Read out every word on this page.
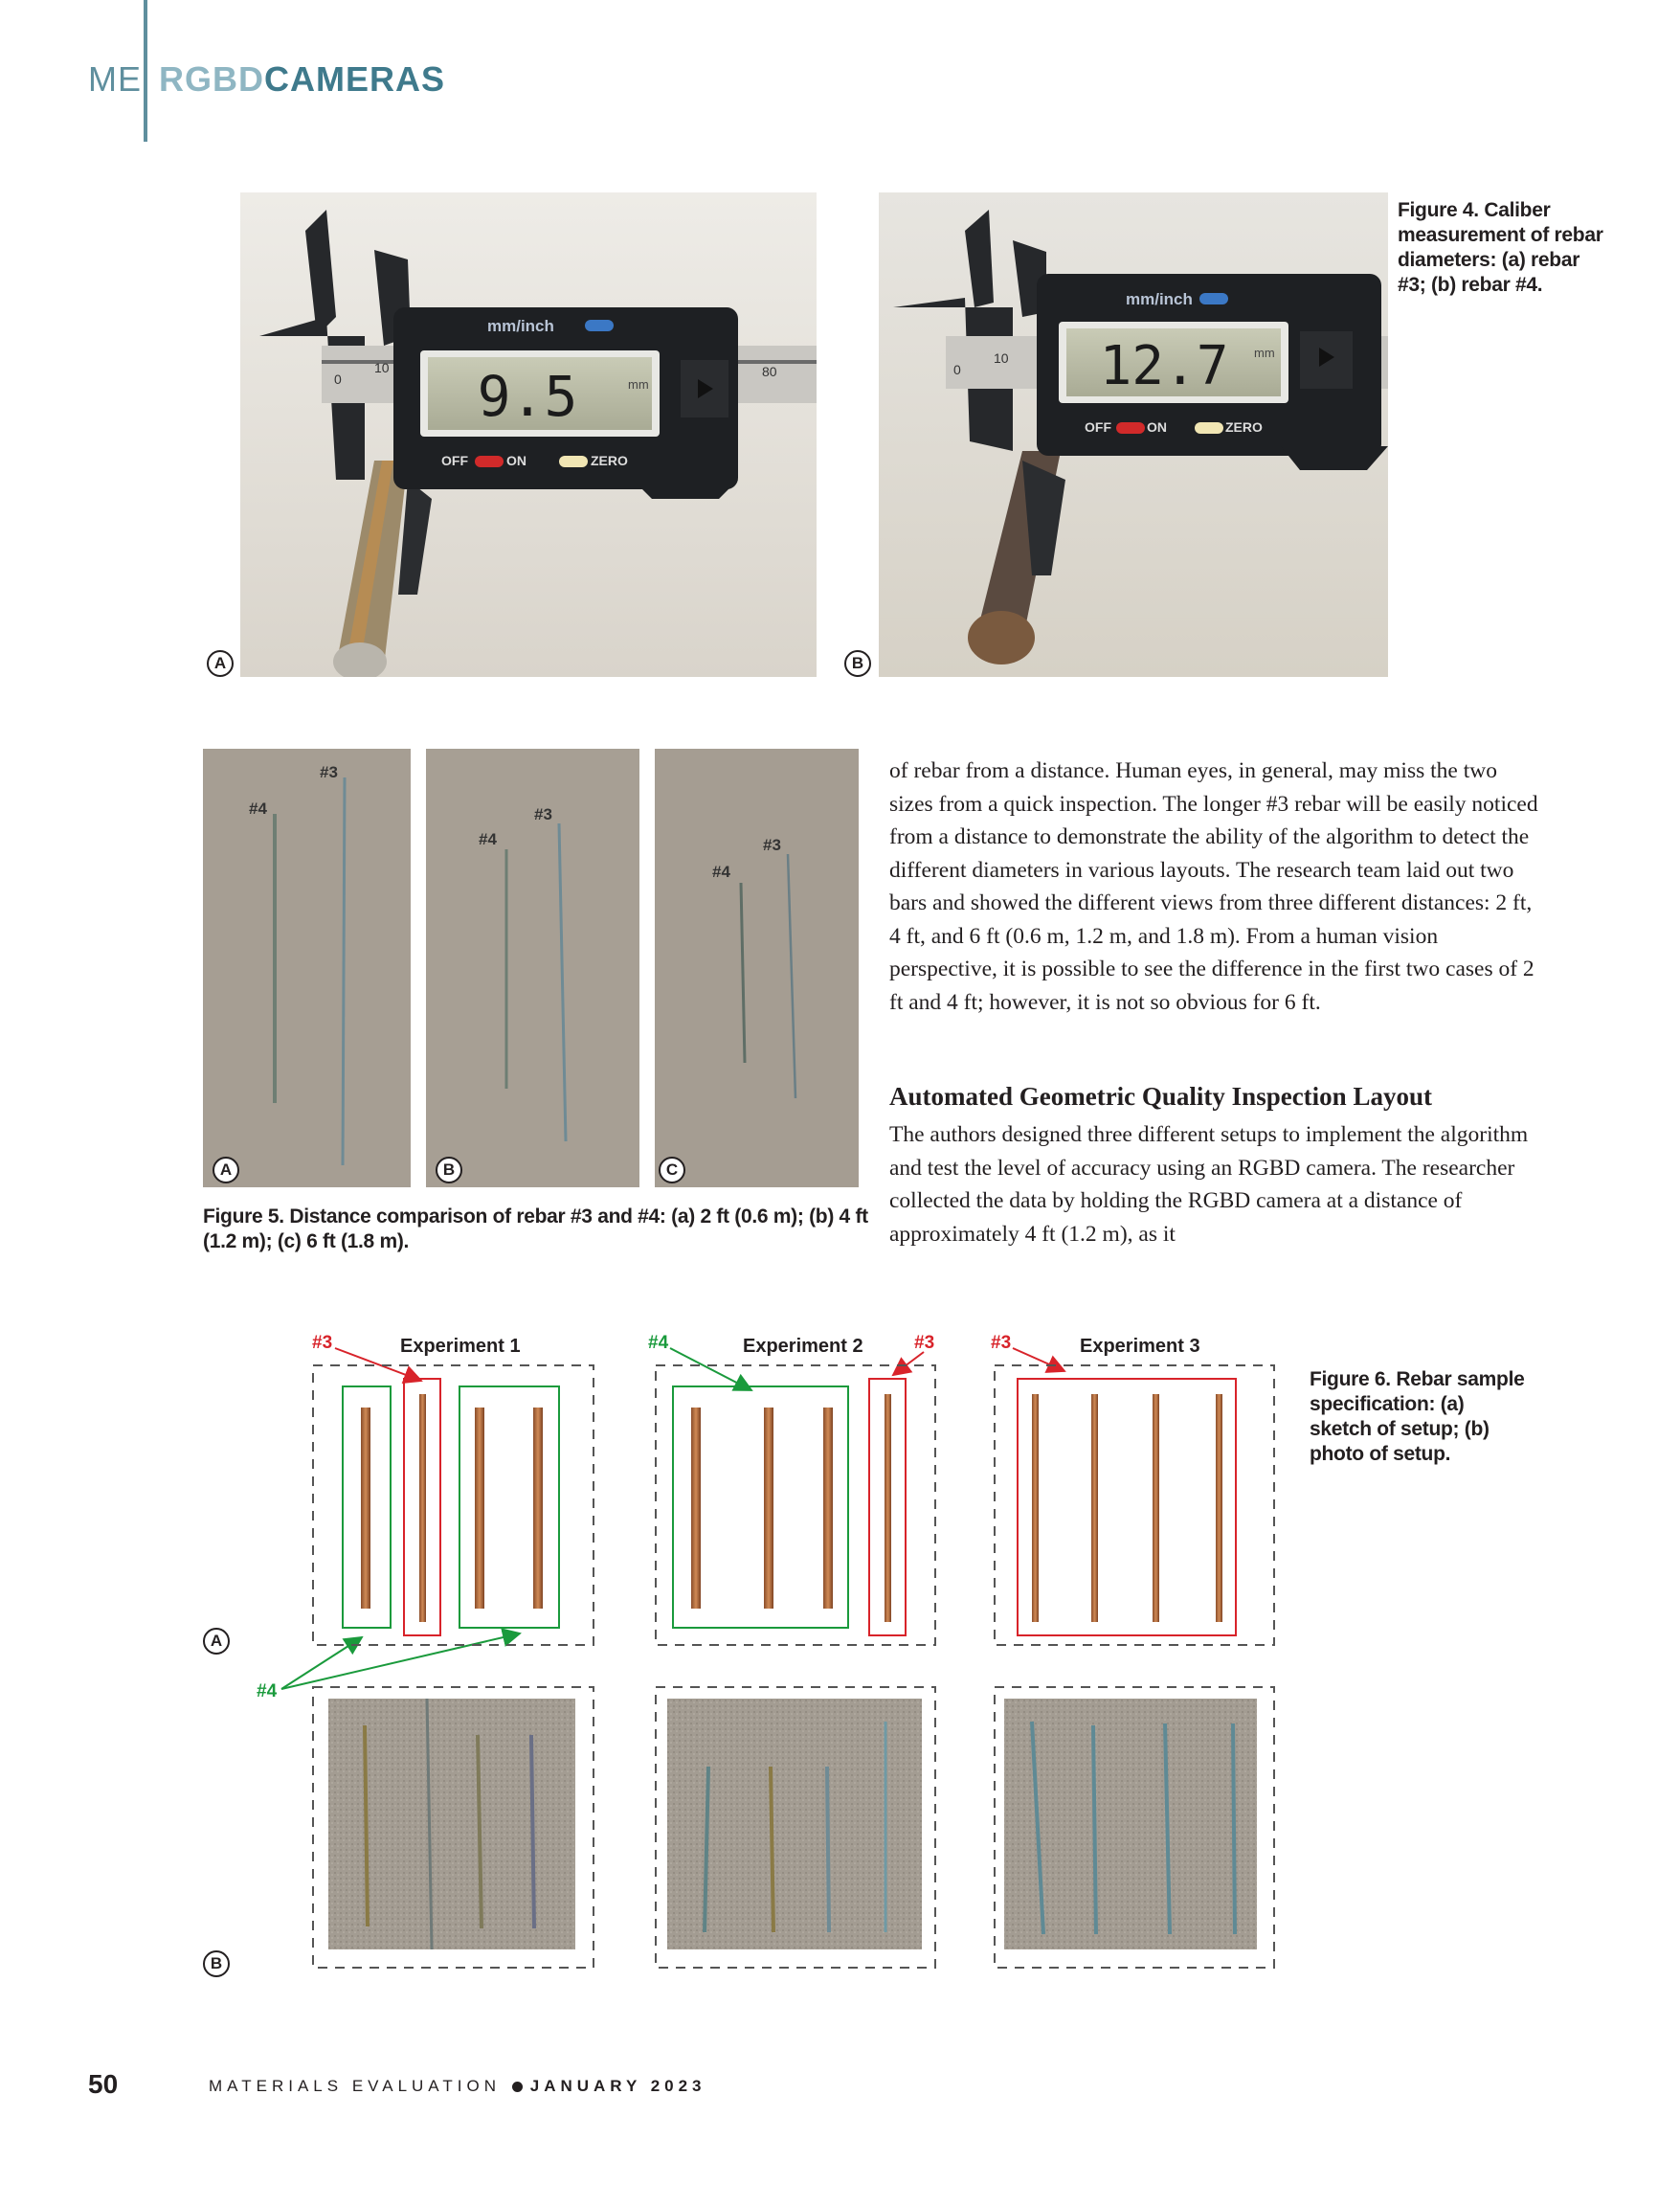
ME RGBDCAMERAS
mm/inch
9.5	mm
OFF	ON	ZERO
0
10	80
A
mm/inch
12.7 mm
OFF	ON	ZERO
0
10
B
Figure 4. Caliber measurement of rebar diameters: (a) rebar #3; (b) rebar #4.
#4
#3
A
#4
#3
B
#4
#3
C
Figure 5. Distance comparison of rebar #3 and #4: (a) 2 ft (0.6 m); (b) 4 ft (1.2 m); (c) 6 ft (1.8 m).

of rebar from a distance. Human eyes, in general, may miss the two sizes from a quick inspection. The longer #3 rebar will be easily noticed from a distance to demonstrate the ability of the algorithm to detect the different diameters in various layouts. The research team laid out two bars and showed the different views from three different distances: 2 ft, 4 ft, and 6 ft (0.6 m, 1.2 m, and 1.8 m). From a human vision perspective, it is possible to see the difference in the first two cases of 2 ft and 4 ft; however, it is not so obvious for 6 ft.

Automated Geometric Quality Inspection Layout

The authors designed three different setups to implement the algorithm and test the level of accuracy using an RGBD camera. The researcher collected the data by holding the RGBD camera at a distance of approximately 4 ft (1.2 m), as it

Experiment 1	Experiment 2	Experiment 3
#3	#4	#3	#3
#4
A
B
Figure 6. Rebar sample specification: (a) sketch of setup; (b) photo of setup.
50	MATERIALS EVALUATION JANUARY 2023
